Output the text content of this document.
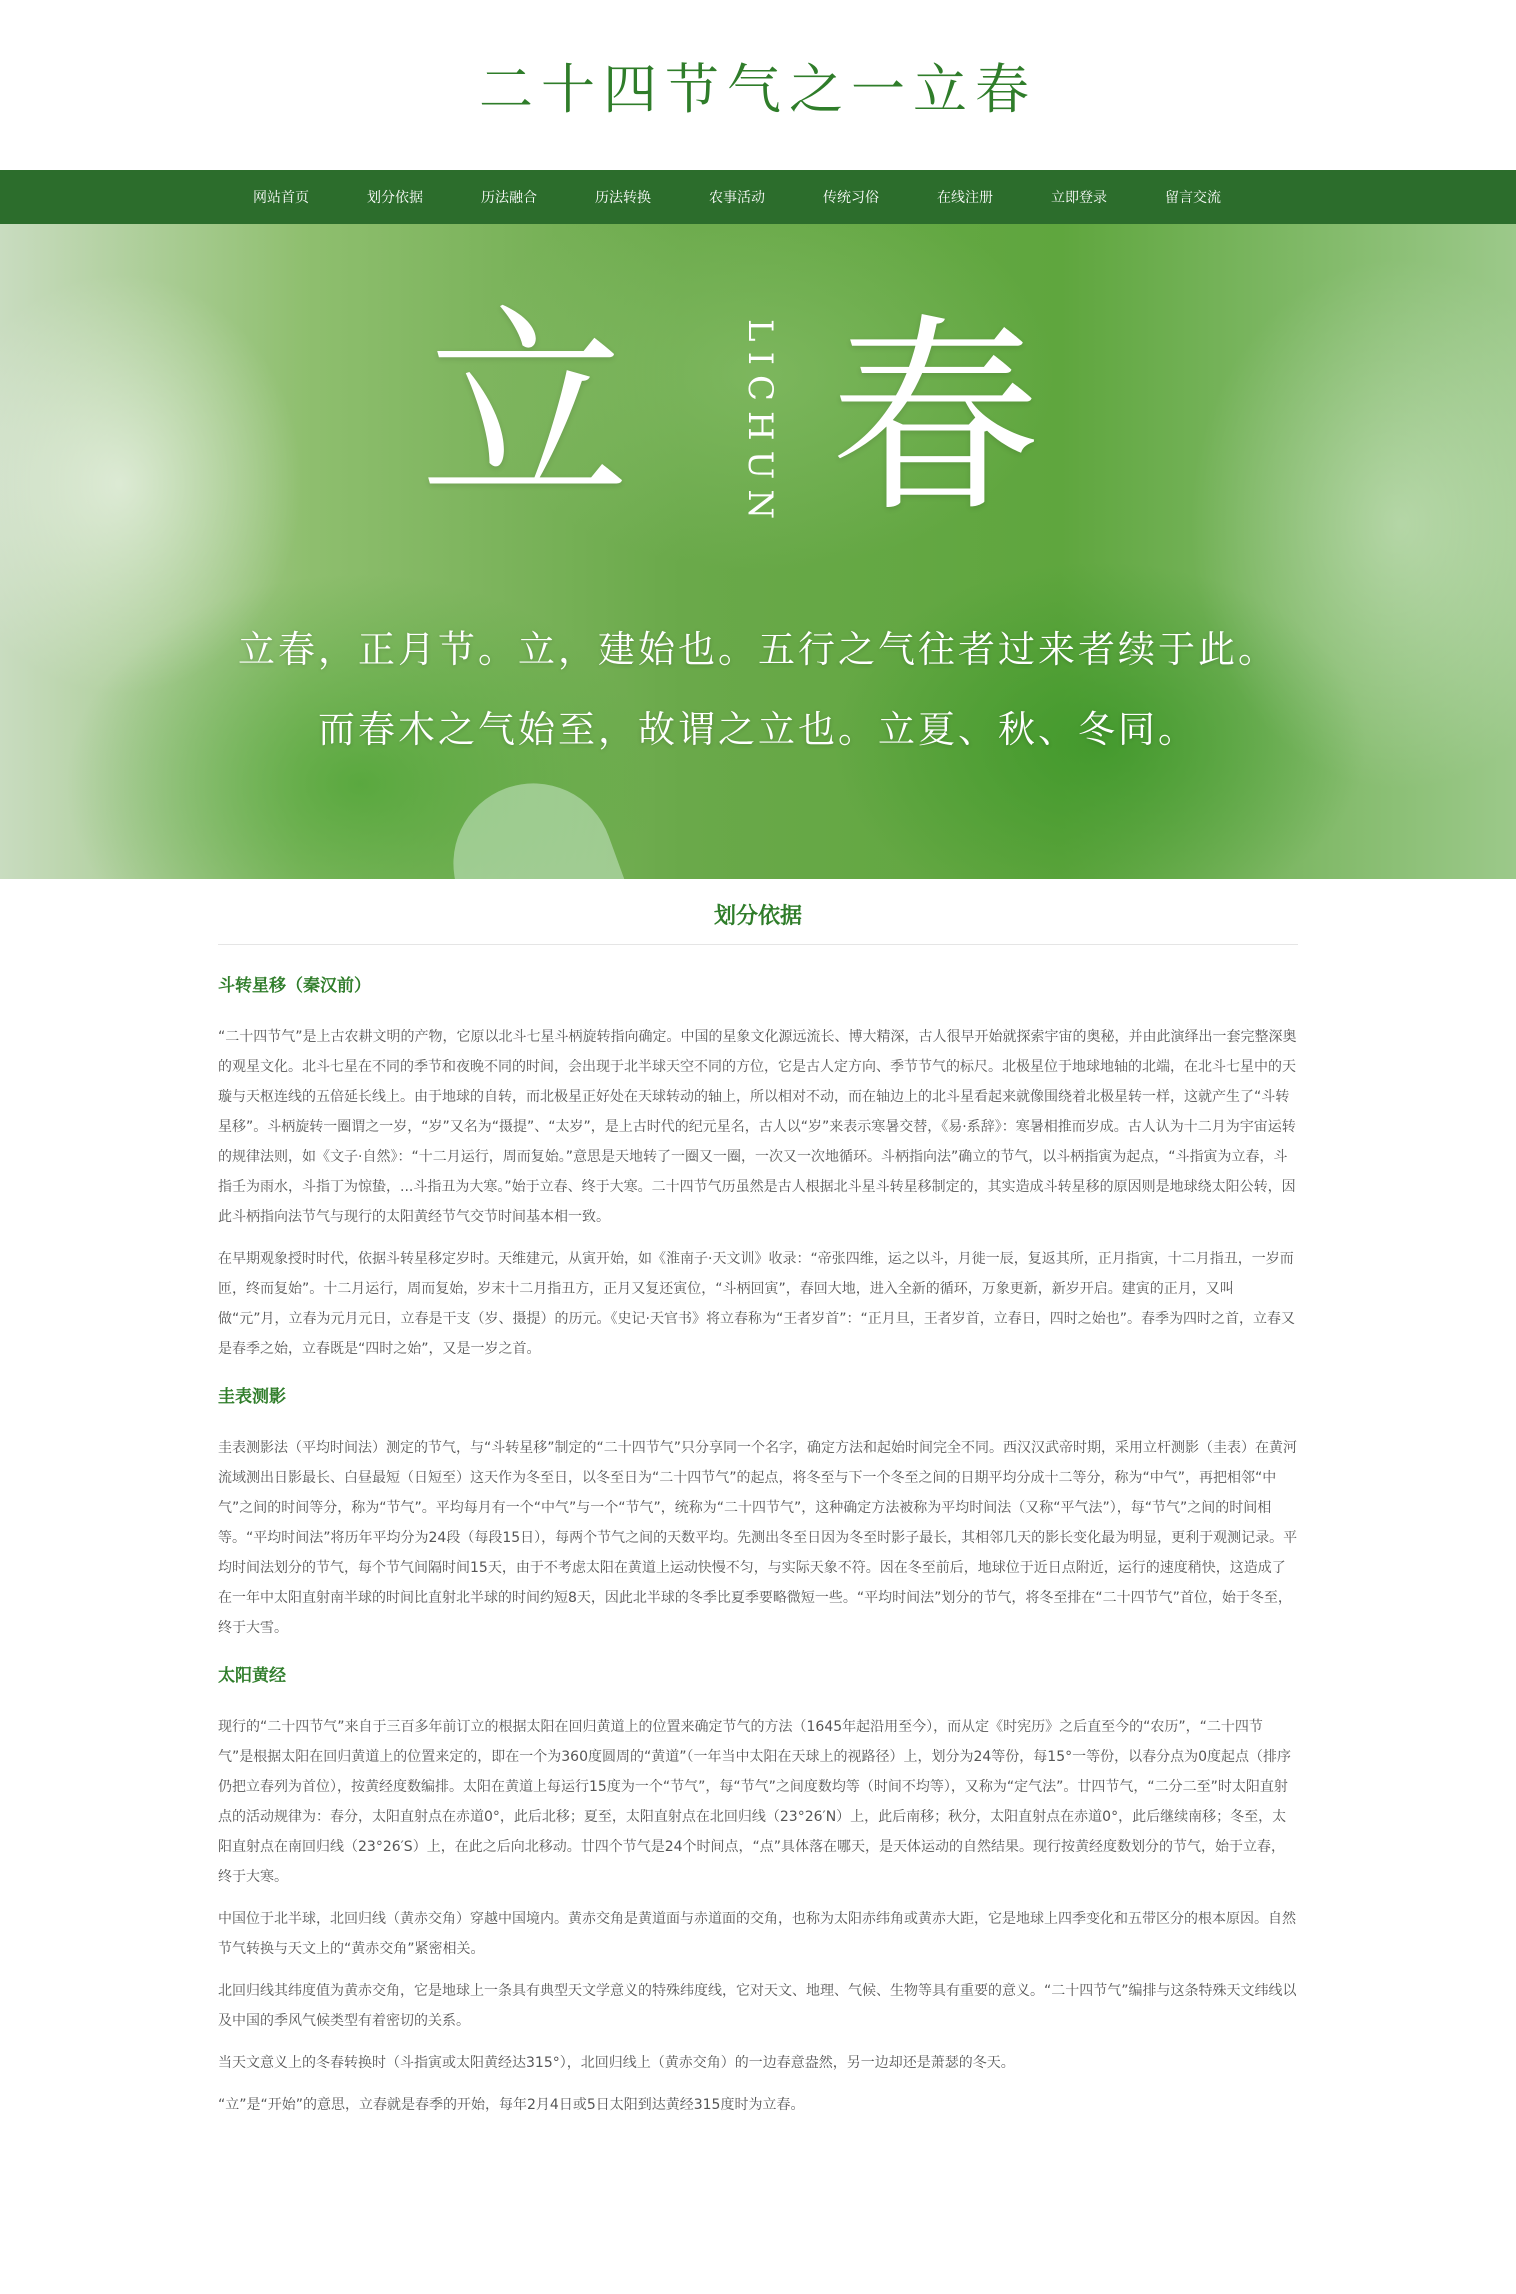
二十四节气之一立春
网站首页	划分依据	历法融合	历法转换	农事活动	传统习俗	在线注册	立即登录	留言交流
立	LICHUN 春
立春，正月节。立，建始也。五行之气往者过来者续于此。
而春木之气始至，故谓之立也。立夏、秋、冬同。
划分依据
斗转星移（秦汉前）

“二十四节气”是上古农耕文明的产物，它原以北斗七星斗柄旋转指向确定。中国的星象文化源远流长、博大精深，古人很早开始就探索宇宙的奥秘，并由此演绎出一套完整深奥的观星文化。北斗七星在不同的季节和夜晚不同的时间，会出现于北半球天空不同的方位，它是古人定方向、季节节气的标尺。北极星位于地球地轴的北端，在北斗七星中的天璇与天枢连线的五倍延长线上。由于地球的自转，而北极星正好处在天球转动的轴上，所以相对不动，而在轴边上的北斗星看起来就像围绕着北极星转一样，这就产生了“斗转星移”。斗柄旋转一圈谓之一岁，“岁”又名为“摄提”、“太岁”，是上古时代的纪元星名，古人以“岁”来表示寒暑交替，《易·系辞》：寒暑相推而岁成。古人认为十二月为宇宙运转的规律法则，如《文子·自然》：“十二月运行，周而复始。”意思是天地转了一圈又一圈，一次又一次地循环。斗柄指向法”确立的节气，以斗柄指寅为起点，“斗指寅为立春，斗指壬为雨水，斗指丁为惊蛰，...斗指丑为大寒。”始于立春、终于大寒。二十四节气历虽然是古人根据北斗星斗转星移制定的，其实造成斗转星移的原因则是地球绕太阳公转，因此斗柄指向法节气与现行的太阳黄经节气交节时间基本相一致。

在早期观象授时时代，依据斗转星移定岁时。天维建元，从寅开始，如《淮南子·天文训》收录：“帝张四维，运之以斗，月徙一辰，复返其所，正月指寅，十二月指丑，一岁而匝，终而复始”。十二月运行，周而复始，岁末十二月指丑方，正月又复还寅位，“斗柄回寅”，春回大地，进入全新的循环，万象更新，新岁开启。建寅的正月，又叫做“元”月，立春为元月元日，立春是干支（岁、摄提）的历元。《史记·天官书》将立春称为“王者岁首”：“正月旦，王者岁首，立春日，四时之始也”。春季为四时之首，立春又是春季之始，立春既是“四时之始”，又是一岁之首。

圭表测影

圭表测影法（平均时间法）测定的节气，与“斗转星移”制定的“二十四节气”只分享同一个名字，确定方法和起始时间完全不同。西汉汉武帝时期，采用立杆测影（圭表）在黄河流域测出日影最长、白昼最短（日短至）这天作为冬至日，以冬至日为“二十四节气”的起点，将冬至与下一个冬至之间的日期平均分成十二等分，称为“中气”，再把相邻“中气”之间的时间等分，称为“节气”。平均每月有一个“中气”与一个“节气”，统称为“二十四节气”，这种确定方法被称为平均时间法（又称“平气法”），每“节气”之间的时间相等。“平均时间法”将历年平均分为24段（每段15日），每两个节气之间的天数平均。先测出冬至日因为冬至时影子最长，其相邻几天的影长变化最为明显，更利于观测记录。平均时间法划分的节气，每个节气间隔时间15天，由于不考虑太阳在黄道上运动快慢不匀，与实际天象不符。因在冬至前后，地球位于近日点附近，运行的速度稍快，这造成了在一年中太阳直射南半球的时间比直射北半球的时间约短8天，因此北半球的冬季比夏季要略微短一些。“平均时间法”划分的节气，将冬至排在“二十四节气”首位，始于冬至，终于大雪。

太阳黄经

现行的“二十四节气”来自于三百多年前订立的根据太阳在回归黄道上的位置来确定节气的方法（1645年起沿用至今），而从定《时宪历》之后直至今的“农历”，“二十四节气”是根据太阳在回归黄道上的位置来定的，即在一个为360度圆周的“黄道”（一年当中太阳在天球上的视路径）上，划分为24等份，每15°一等份，以春分点为0度起点（排序仍把立春列为首位），按黄经度数编排。太阳在黄道上每运行15度为一个“节气”，每“节气”之间度数均等（时间不均等），又称为“定气法”。廿四节气，“二分二至”时太阳直射点的活动规律为：春分，太阳直射点在赤道0°，此后北移；夏至，太阳直射点在北回归线（23°26′N）上，此后南移；秋分，太阳直射点在赤道0°，此后继续南移；冬至，太阳直射点在南回归线（23°26′S）上，在此之后向北移动。廿四个节气是24个时间点，“点”具体落在哪天，是天体运动的自然结果。现行按黄经度数划分的节气，始于立春，终于大寒。

中国位于北半球，北回归线（黄赤交角）穿越中国境内。黄赤交角是黄道面与赤道面的交角，也称为太阳赤纬角或黄赤大距，它是地球上四季变化和五带区分的根本原因。自然节气转换与天文上的“黄赤交角”紧密相关。

北回归线其纬度值为黄赤交角，它是地球上一条具有典型天文学意义的特殊纬度线，它对天文、地理、气候、生物等具有重要的意义。“二十四节气”编排与这条特殊天文纬线以及中国的季风气候类型有着密切的关系。

当天文意义上的冬春转换时（斗指寅或太阳黄经达315°），北回归线上（黄赤交角）的一边春意盎然，另一边却还是萧瑟的冬天。

“立”是“开始”的意思，立春就是春季的开始，每年2月4日或5日太阳到达黄经315度时为立春。
